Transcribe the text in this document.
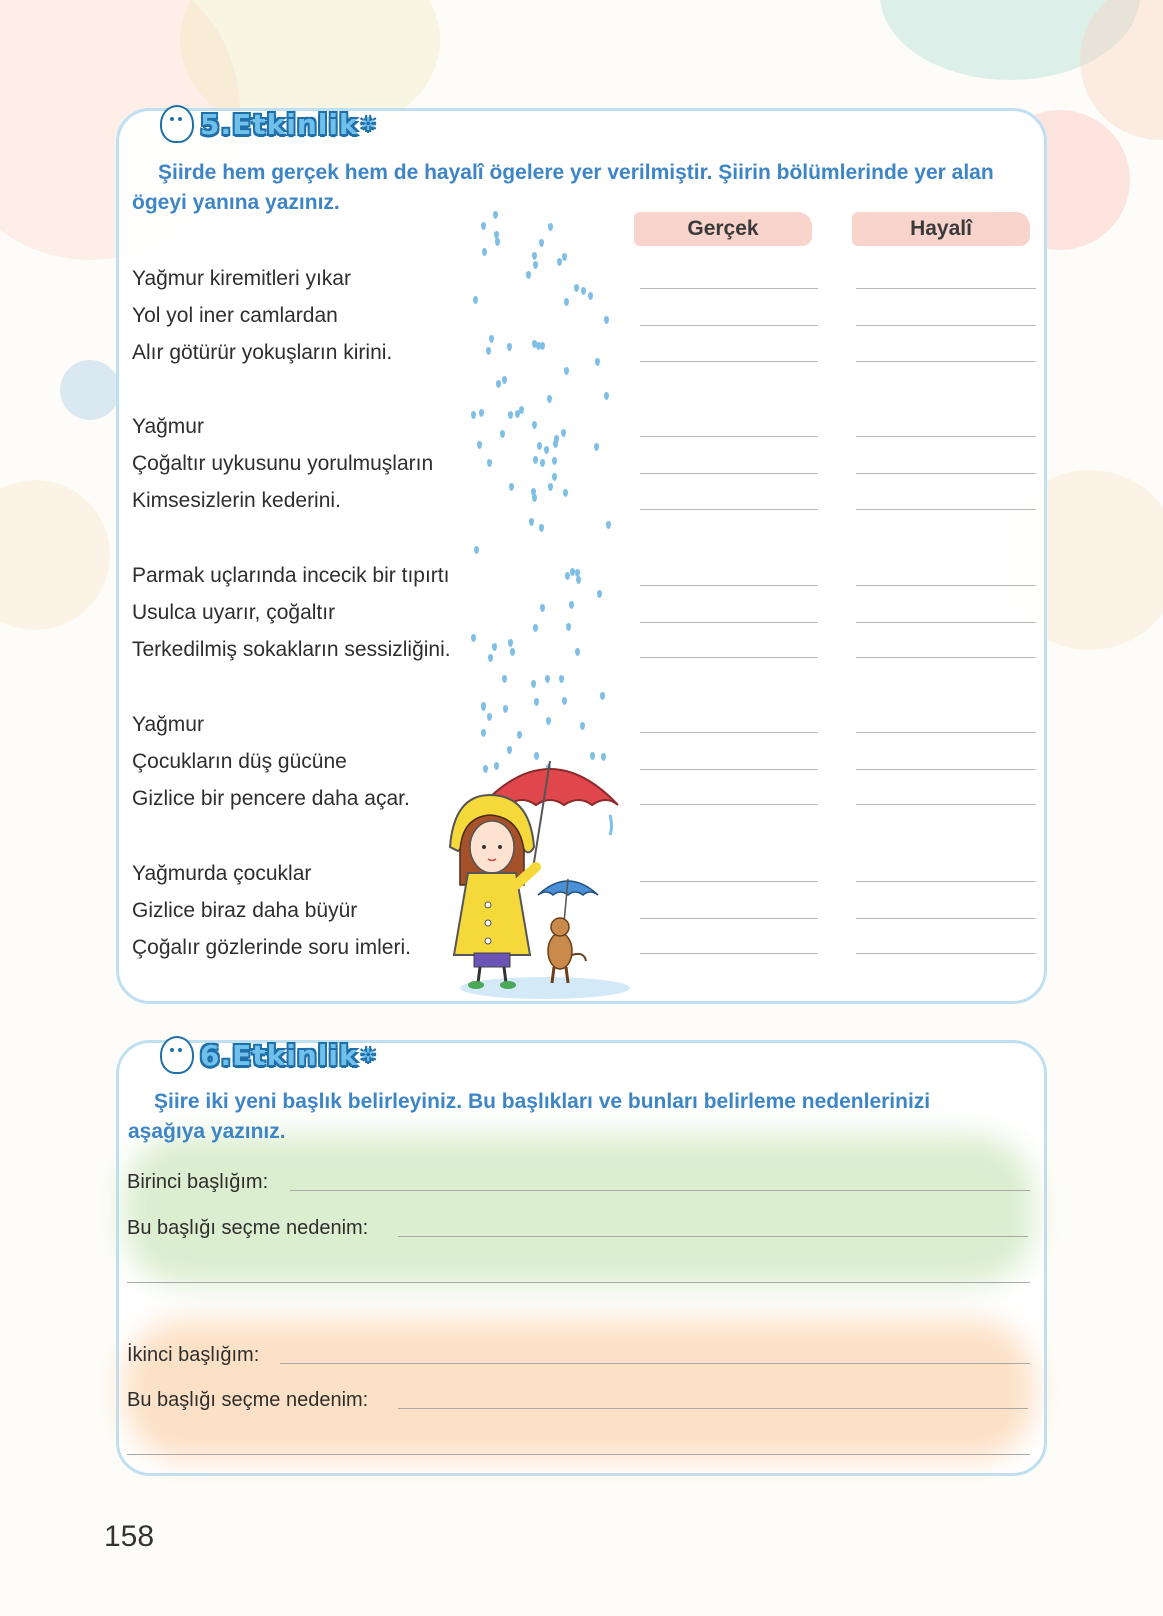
5.Etkinlik ✲
Şiirde hem gerçek hem de hayalî ögelere yer verilmiştir. Şiirin bölümlerinde yer alan ögeyi yanına yazınız.
Gerçek	Hayalî
Yağmur kiremitleri yıkar
Yol yol iner camlardan
Alır götürür yokuşların kirini.
Yağmur
Çoğaltır uykusunu yorulmuşların
Kimsesizlerin kederini.
Parmak uçlarında incecik bir tıpırtı
Usulca uyarır, çoğaltır
Terkedilmiş sokakların sessizliğini.
Yağmur
Çocukların düş gücüne
Gizlice bir pencere daha açar.
Yağmurda çocuklar
Gizlice biraz daha büyür
Çoğalır gözlerinde soru imleri.
6.Etkinlik ✲
Şiire iki yeni başlık belirleyiniz. Bu başlıkları ve bunları belirleme nedenlerinizi aşağıya yazınız.
Birinci başlığım:
Bu başlığı seçme nedenim:
İkinci başlığım:
Bu başlığı seçme nedenim:
158
